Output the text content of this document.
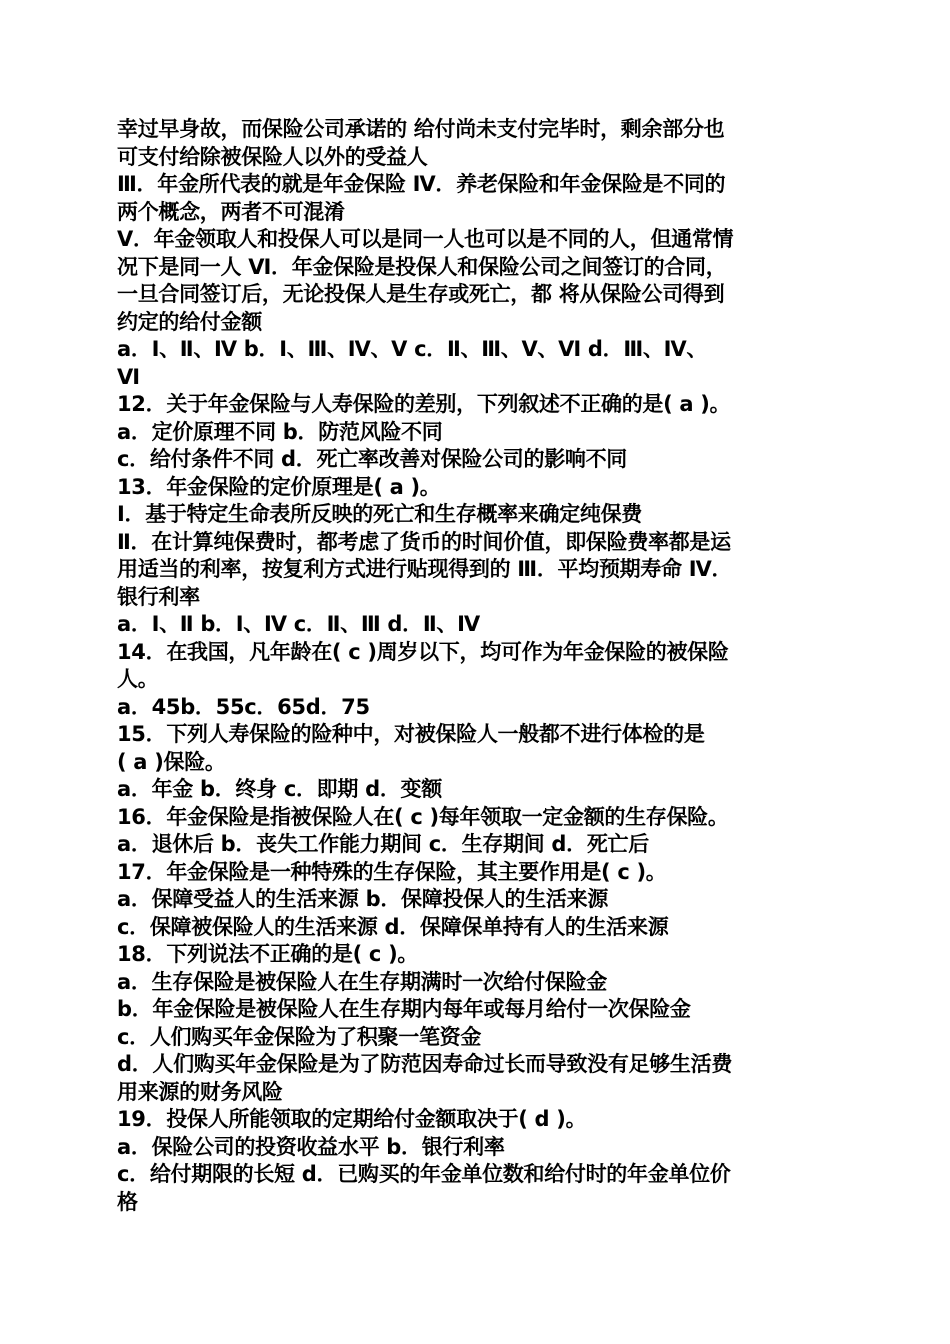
幸过早身故，而保险公司承诺的 给付尚未支付完毕时，剩余部分也
可支付给除被保险人以外的受益人
Ⅲ．年金所代表的就是年金保险 Ⅳ．养老保险和年金保险是不同的
两个概念，两者不可混淆
Ⅴ．年金领取人和投保人可以是同一人也可以是不同的人，但通常情
况下是同一人 Ⅵ．年金保险是投保人和保险公司之间签订的合同，
一旦合同签订后，无论投保人是生存或死亡，都 将从保险公司得到
约定的给付金额
a．Ⅰ、Ⅱ、Ⅳ b．Ⅰ、Ⅲ、Ⅳ、Ⅴ c．Ⅱ、Ⅲ、Ⅴ、Ⅵ d．Ⅲ、Ⅳ、
Ⅵ
12．关于年金保险与人寿保险的差别，下列叙述不正确的是( a )。
a．定价原理不同 b．防范风险不同
c．给付条件不同 d．死亡率改善对保险公司的影响不同
13．年金保险的定价原理是( a )。
Ⅰ．基于特定生命表所反映的死亡和生存概率来确定纯保费
Ⅱ．在计算纯保费时，都考虑了货币的时间价值，即保险费率都是运
用适当的利率，按复利方式进行贴现得到的 Ⅲ．平均预期寿命 Ⅳ．
银行利率
a．Ⅰ、Ⅱ b．Ⅰ、Ⅳ c．Ⅱ、Ⅲ d．Ⅱ、Ⅳ
14．在我国，凡年龄在( c )周岁以下，均可作为年金保险的被保险
人。
a．45b．55c．65d．75
15．下列人寿保险的险种中，对被保险人一般都不进行体检的是
( a )保险。
a．年金 b．终身 c．即期 d．变额
16．年金保险是指被保险人在( c )每年领取一定金额的生存保险。
a．退休后 b．丧失工作能力期间 c．生存期间 d．死亡后
17．年金保险是一种特殊的生存保险，其主要作用是( c )。
a．保障受益人的生活来源 b．保障投保人的生活来源
c．保障被保险人的生活来源 d．保障保单持有人的生活来源
18．下列说法不正确的是( c )。
a．生存保险是被保险人在生存期满时一次给付保险金
b．年金保险是被保险人在生存期内每年或每月给付一次保险金
c．人们购买年金保险为了积聚一笔资金
d．人们购买年金保险是为了防范因寿命过长而导致没有足够生活费
用来源的财务风险
19．投保人所能领取的定期给付金额取决于( d )。
a．保险公司的投资收益水平 b．银行利率
c．给付期限的长短 d．已购买的年金单位数和给付时的年金单位价
格
